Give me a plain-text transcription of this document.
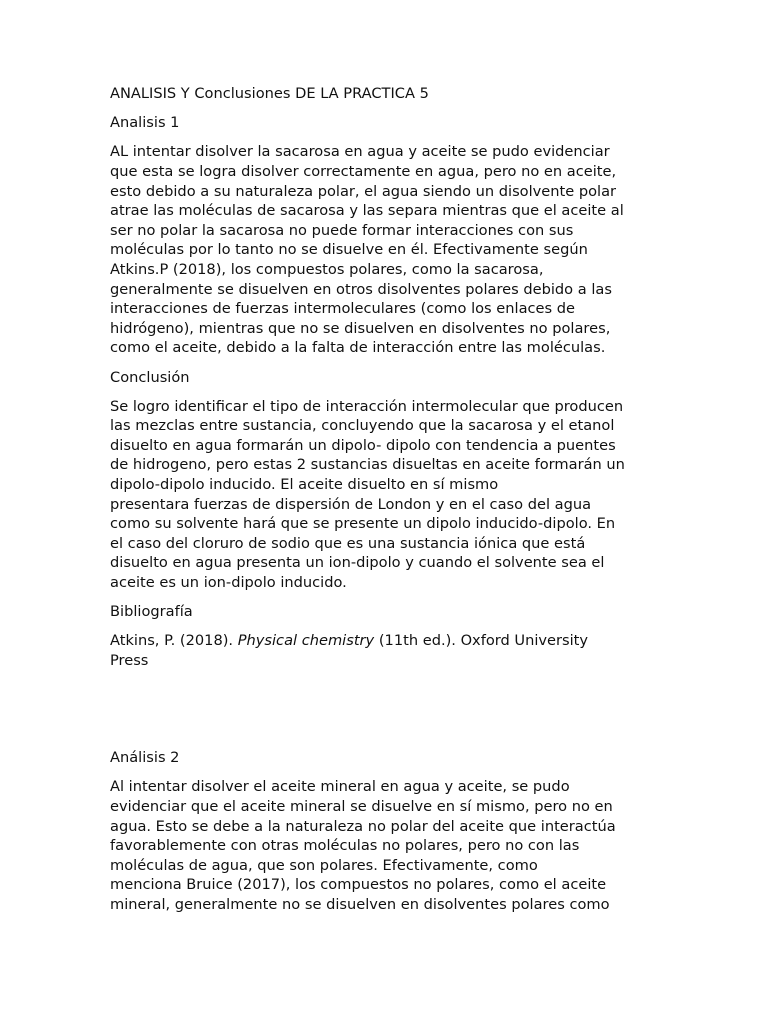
ANALISIS Y Conclusiones DE LA PRACTICA 5

Analisis 1

AL intentar disolver la sacarosa en agua y aceite se pudo evidenciar
que esta se logra disolver correctamente en agua, pero no en aceite,
esto debido a su naturaleza polar, el agua siendo un disolvente polar
atrae las moléculas de sacarosa y las separa mientras que el aceite al
ser no polar la sacarosa no puede formar interacciones con sus
moléculas por lo tanto no se disuelve en él. Efectivamente según
Atkins.P (2018), los compuestos polares, como la sacarosa,
generalmente se disuelven en otros disolventes polares debido a las
interacciones de fuerzas intermoleculares (como los enlaces de
hidrógeno), mientras que no se disuelven en disolventes no polares,
como el aceite, debido a la falta de interacción entre las moléculas.

Conclusión

Se logro identificar el tipo de interacción intermolecular que producen
las mezclas entre sustancia, concluyendo que la sacarosa y el etanol
disuelto en agua formarán un dipolo- dipolo con tendencia a puentes
de hidrogeno, pero estas 2 sustancias disueltas en aceite formarán un
dipolo-dipolo inducido. El aceite disuelto en sí mismo
presentara fuerzas de dispersión de London y en el caso del agua
como su solvente hará que se presente un dipolo inducido-dipolo. En
el caso del cloruro de sodio que es una sustancia iónica que está
disuelto en agua presenta un ion-dipolo y cuando el solvente sea el
aceite es un ion-dipolo inducido.

Bibliografía

Atkins, P. (2018). Physical chemistry (11th ed.). Oxford University
Press

Análisis 2

Al intentar disolver el aceite mineral en agua y aceite, se pudo
evidenciar que el aceite mineral se disuelve en sí mismo, pero no en
agua. Esto se debe a la naturaleza no polar del aceite que interactúa
favorablemente con otras moléculas no polares, pero no con las
moléculas de agua, que son polares. Efectivamente, como
menciona Bruice (2017), los compuestos no polares, como el aceite
mineral, generalmente no se disuelven en disolventes polares como
